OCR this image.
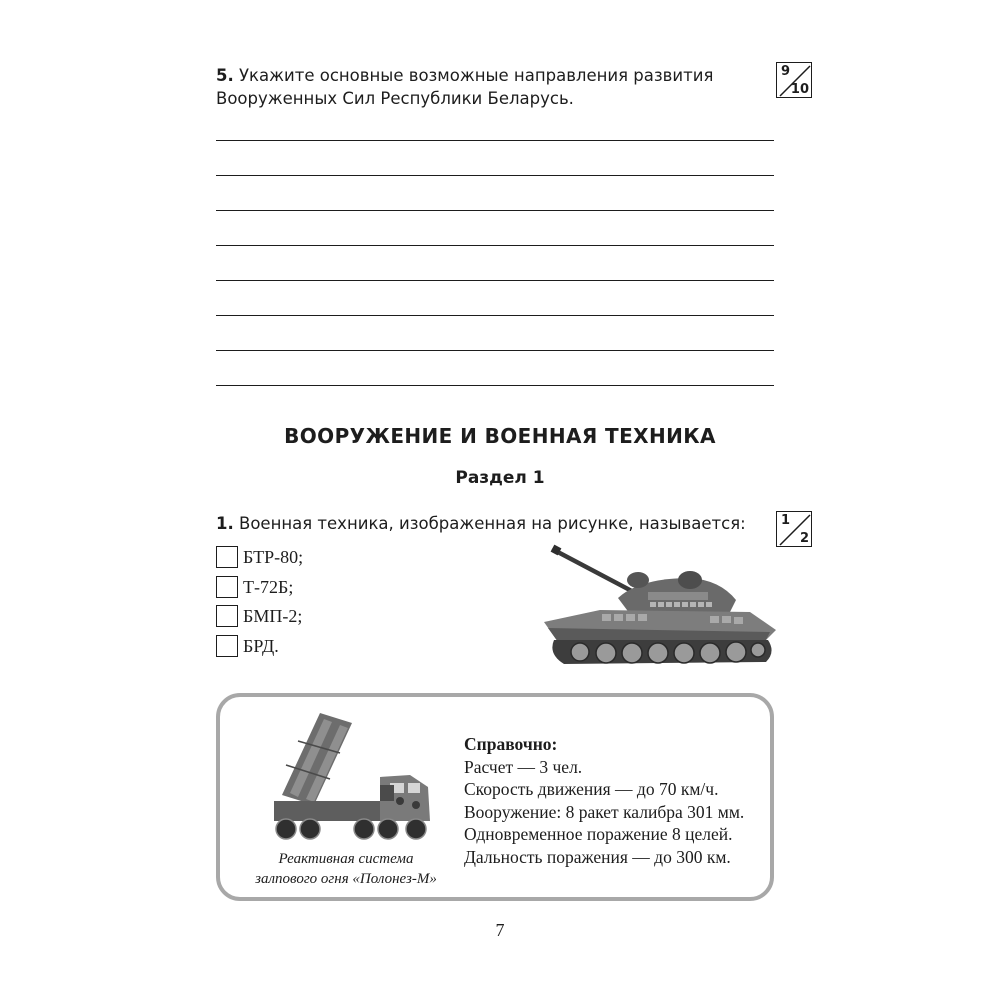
5. Укажите основные возможные направления развития Вооруженных Сил Республики Беларусь.
9
10
ВООРУЖЕНИЕ И ВОЕННАЯ ТЕХНИКА
Раздел 1
1. Военная техника, изображенная на рисунке, называется:	1
2
БТР-80;
Т-72Б;
БМП-2;
БРД.
Реактивная система
залпового огня «Полонез-М»
Справочно:
Расчет — 3 чел.
Скорость движения — до 70 км/ч.
Вооружение: 8 ракет калибра 301 мм.
Одновременное поражение 8 целей.
Дальность поражения — до 300 км.
7
